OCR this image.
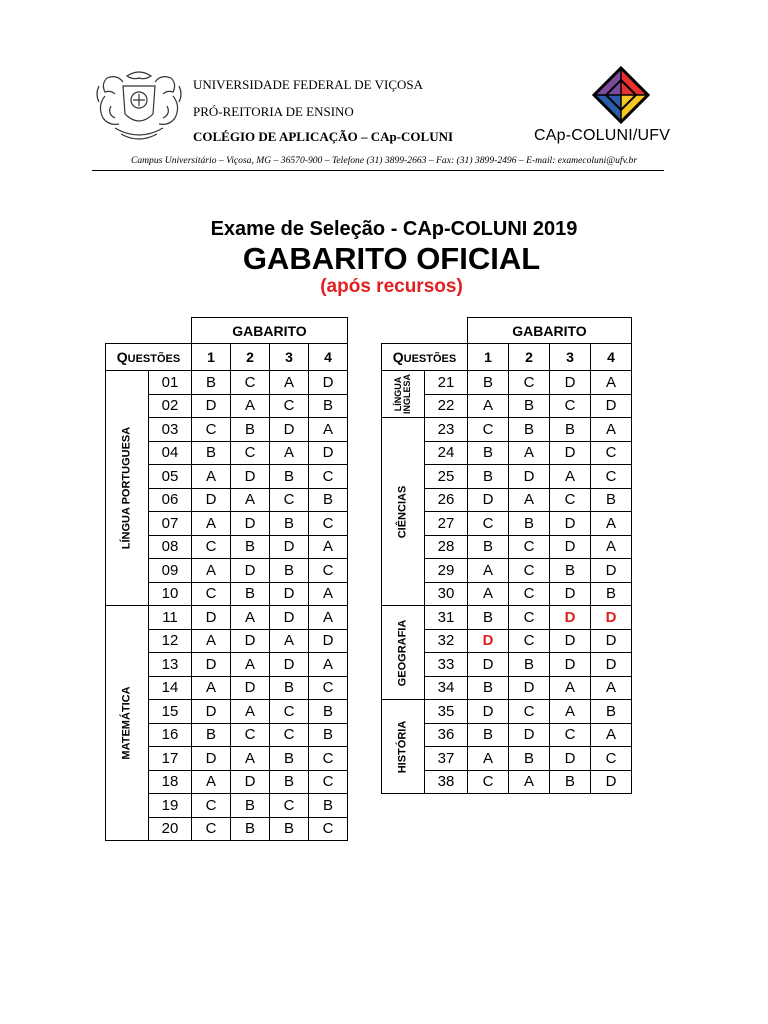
UNIVERSIDADE FEDERAL DE VIÇOSA
PRÓ-REITORIA DE ENSINO
COLÉGIO DE APLICAÇÃO – CAp-COLUNI	CAp-COLUNI/UFV
Campus Universitário – Viçosa, MG – 36570-900 – Telefone (31) 3899-2663 – Fax: (31) 3899-2496 – E-mail: examecoluni@ufv.br
Exame de Seleção - CAp-COLUNI 2019
GABARITO OFICIAL
(após recursos)
		GABARITO			
QUESTÕES		1	2	3	4

LÍNGUA PORTUGUESA	01	B	C	A	D
	02	D	A	C	B
	03	C	B	D	A
	04	B	C	A	D
	05	A	D	B	C
	06	D	A	C	B
	07	A	D	B	C
	08	C	B	D	A
	09	A	D	B	C
	10	C	B	D	A

MATEMÁTICA	11	D	A	D	A
	12	A	D	A	D
	13	D	A	D	A
	14	A	D	B	C
	15	D	A	C	B
	16	B	C	C	B
	17	D	A	B	C
	18	A	D	B	C
	19	C	B	C	B
	20	C	B	B	C
		GABARITO			
QUESTÕES		1	2	3	4

LÍNGUA INGLESA	21	B	C	D	A
	22	A	B	C	D

CIÊNCIAS	23	C	B	B	A
	24	B	A	D	C
	25	B	D	A	C
	26	D	A	C	B
	27	C	B	D	A
	28	B	C	D	A
	29	A	C	B	D
	30	A	C	D	B

GEOGRAFIA	31	B	C	D	D
	32	D	C	D	D
	33	D	B	D	D
	34	B	D	A	A

HISTÓRIA	35	D	C	A	B
	36	B	D	C	A
	37	A	B	D	C
	38	C	A	B	D
